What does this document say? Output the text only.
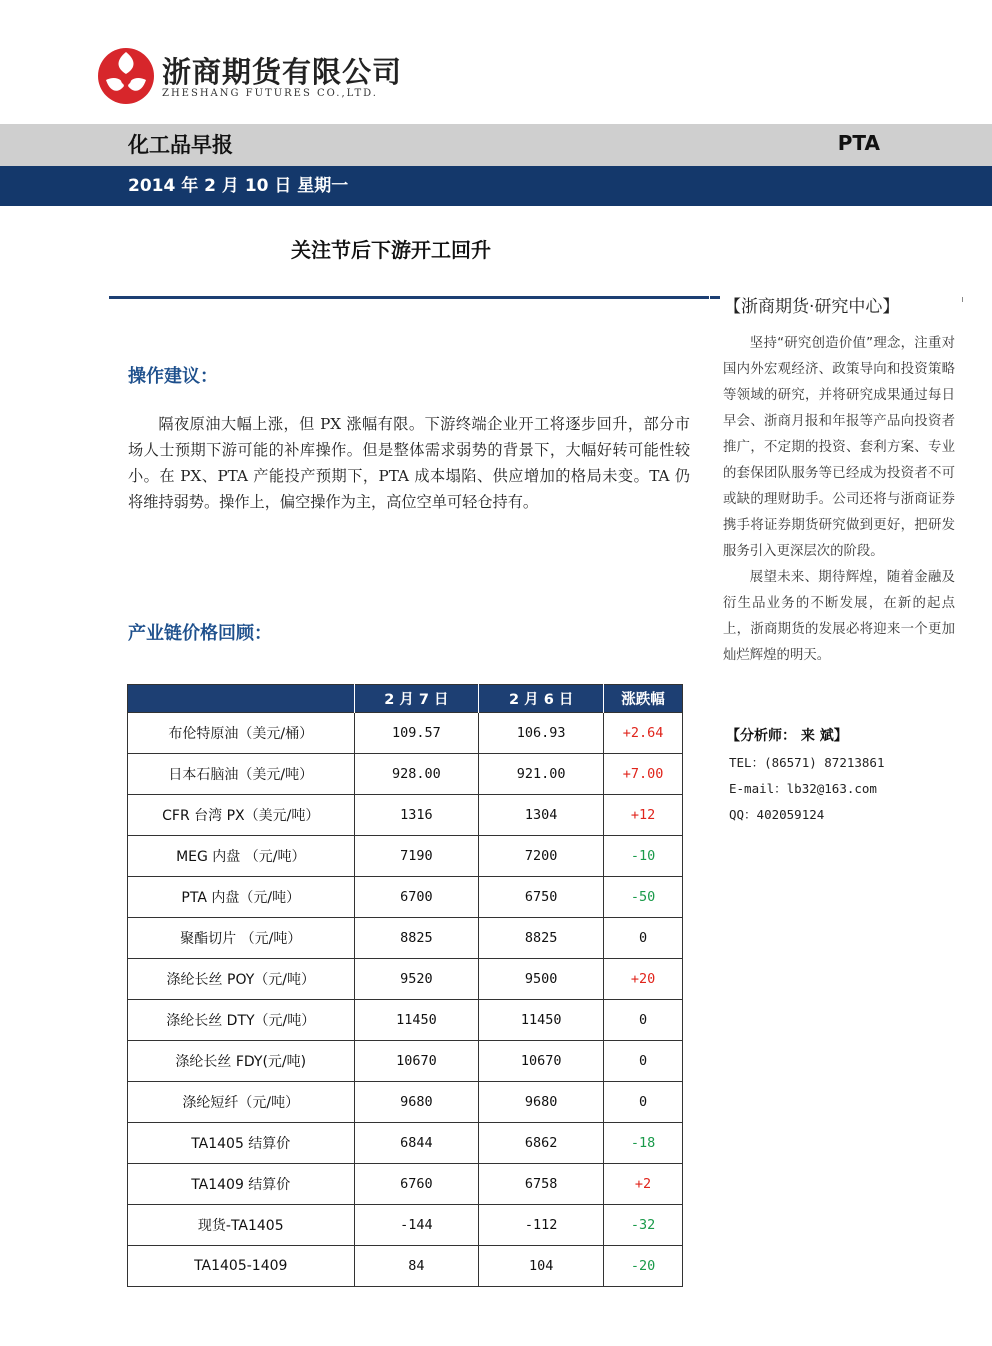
浙商期货有限公司
ZHESHANG FUTURES CO.,LTD.
化工品早报	PTA
2014 年 2 月 10 日 星期一
关注节后下游开工回升
操作建议：
隔夜原油大幅上涨，但 PX 涨幅有限。下游终端企业开工将逐步回升，部分市场人士预期下游可能的补库操作。但是整体需求弱势的背景下，大幅好转可能性较小。在 PX、PTA 产能投产预期下，PTA 成本塌陷、供应增加的格局未变。TA 仍将维持弱势。操作上，偏空操作为主，高位空单可轻仓持有。
产业链价格回顾：
	2 月 7 日	2 月 6 日	涨跌幅
布伦特原油（美元/桶）	109.57	106.93	+2.64
日本石脑油（美元/吨）	928.00	921.00	+7.00
CFR 台湾 PX（美元/吨）	1316	1304	+12
MEG 内盘 （元/吨）	7190	7200	-10
PTA 内盘（元/吨）	6700	6750	-50
聚酯切片 （元/吨）	8825	8825	0
涤纶长丝 POY（元/吨）	9520	9500	+20
涤纶长丝 DTY（元/吨）	11450	11450	0
涤纶长丝 FDY(元/吨)	10670	10670	0
涤纶短纤（元/吨）	9680	9680	0
TA1405 结算价	6844	6862	-18
TA1409 结算价	6760	6758	+2
现货-TA1405	-144	-112	-32
TA1405-1409	84	104	-20
【浙商期货·研究中心】

坚持“研究创造价值”理念，注重对国内外宏观经济、政策导向和投资策略等领域的研究，并将研究成果通过每日早会、浙商月报和年报等产品向投资者推广，不定期的投资、套利方案、专业的套保团队服务等已经成为投资者不可或缺的理财助手。公司还将与浙商证券携手将证券期货研究做到更好，把研发服务引入更深层次的阶段。

展望未来、期待辉煌，随着金融及衍生品业务的不断发展，在新的起点上，浙商期货的发展必将迎来一个更加灿烂辉煌的明天。

【分析师： 来 斌】
TEL：(86571) 87213861
E-mail：lb32@163.com
QQ：402059124
